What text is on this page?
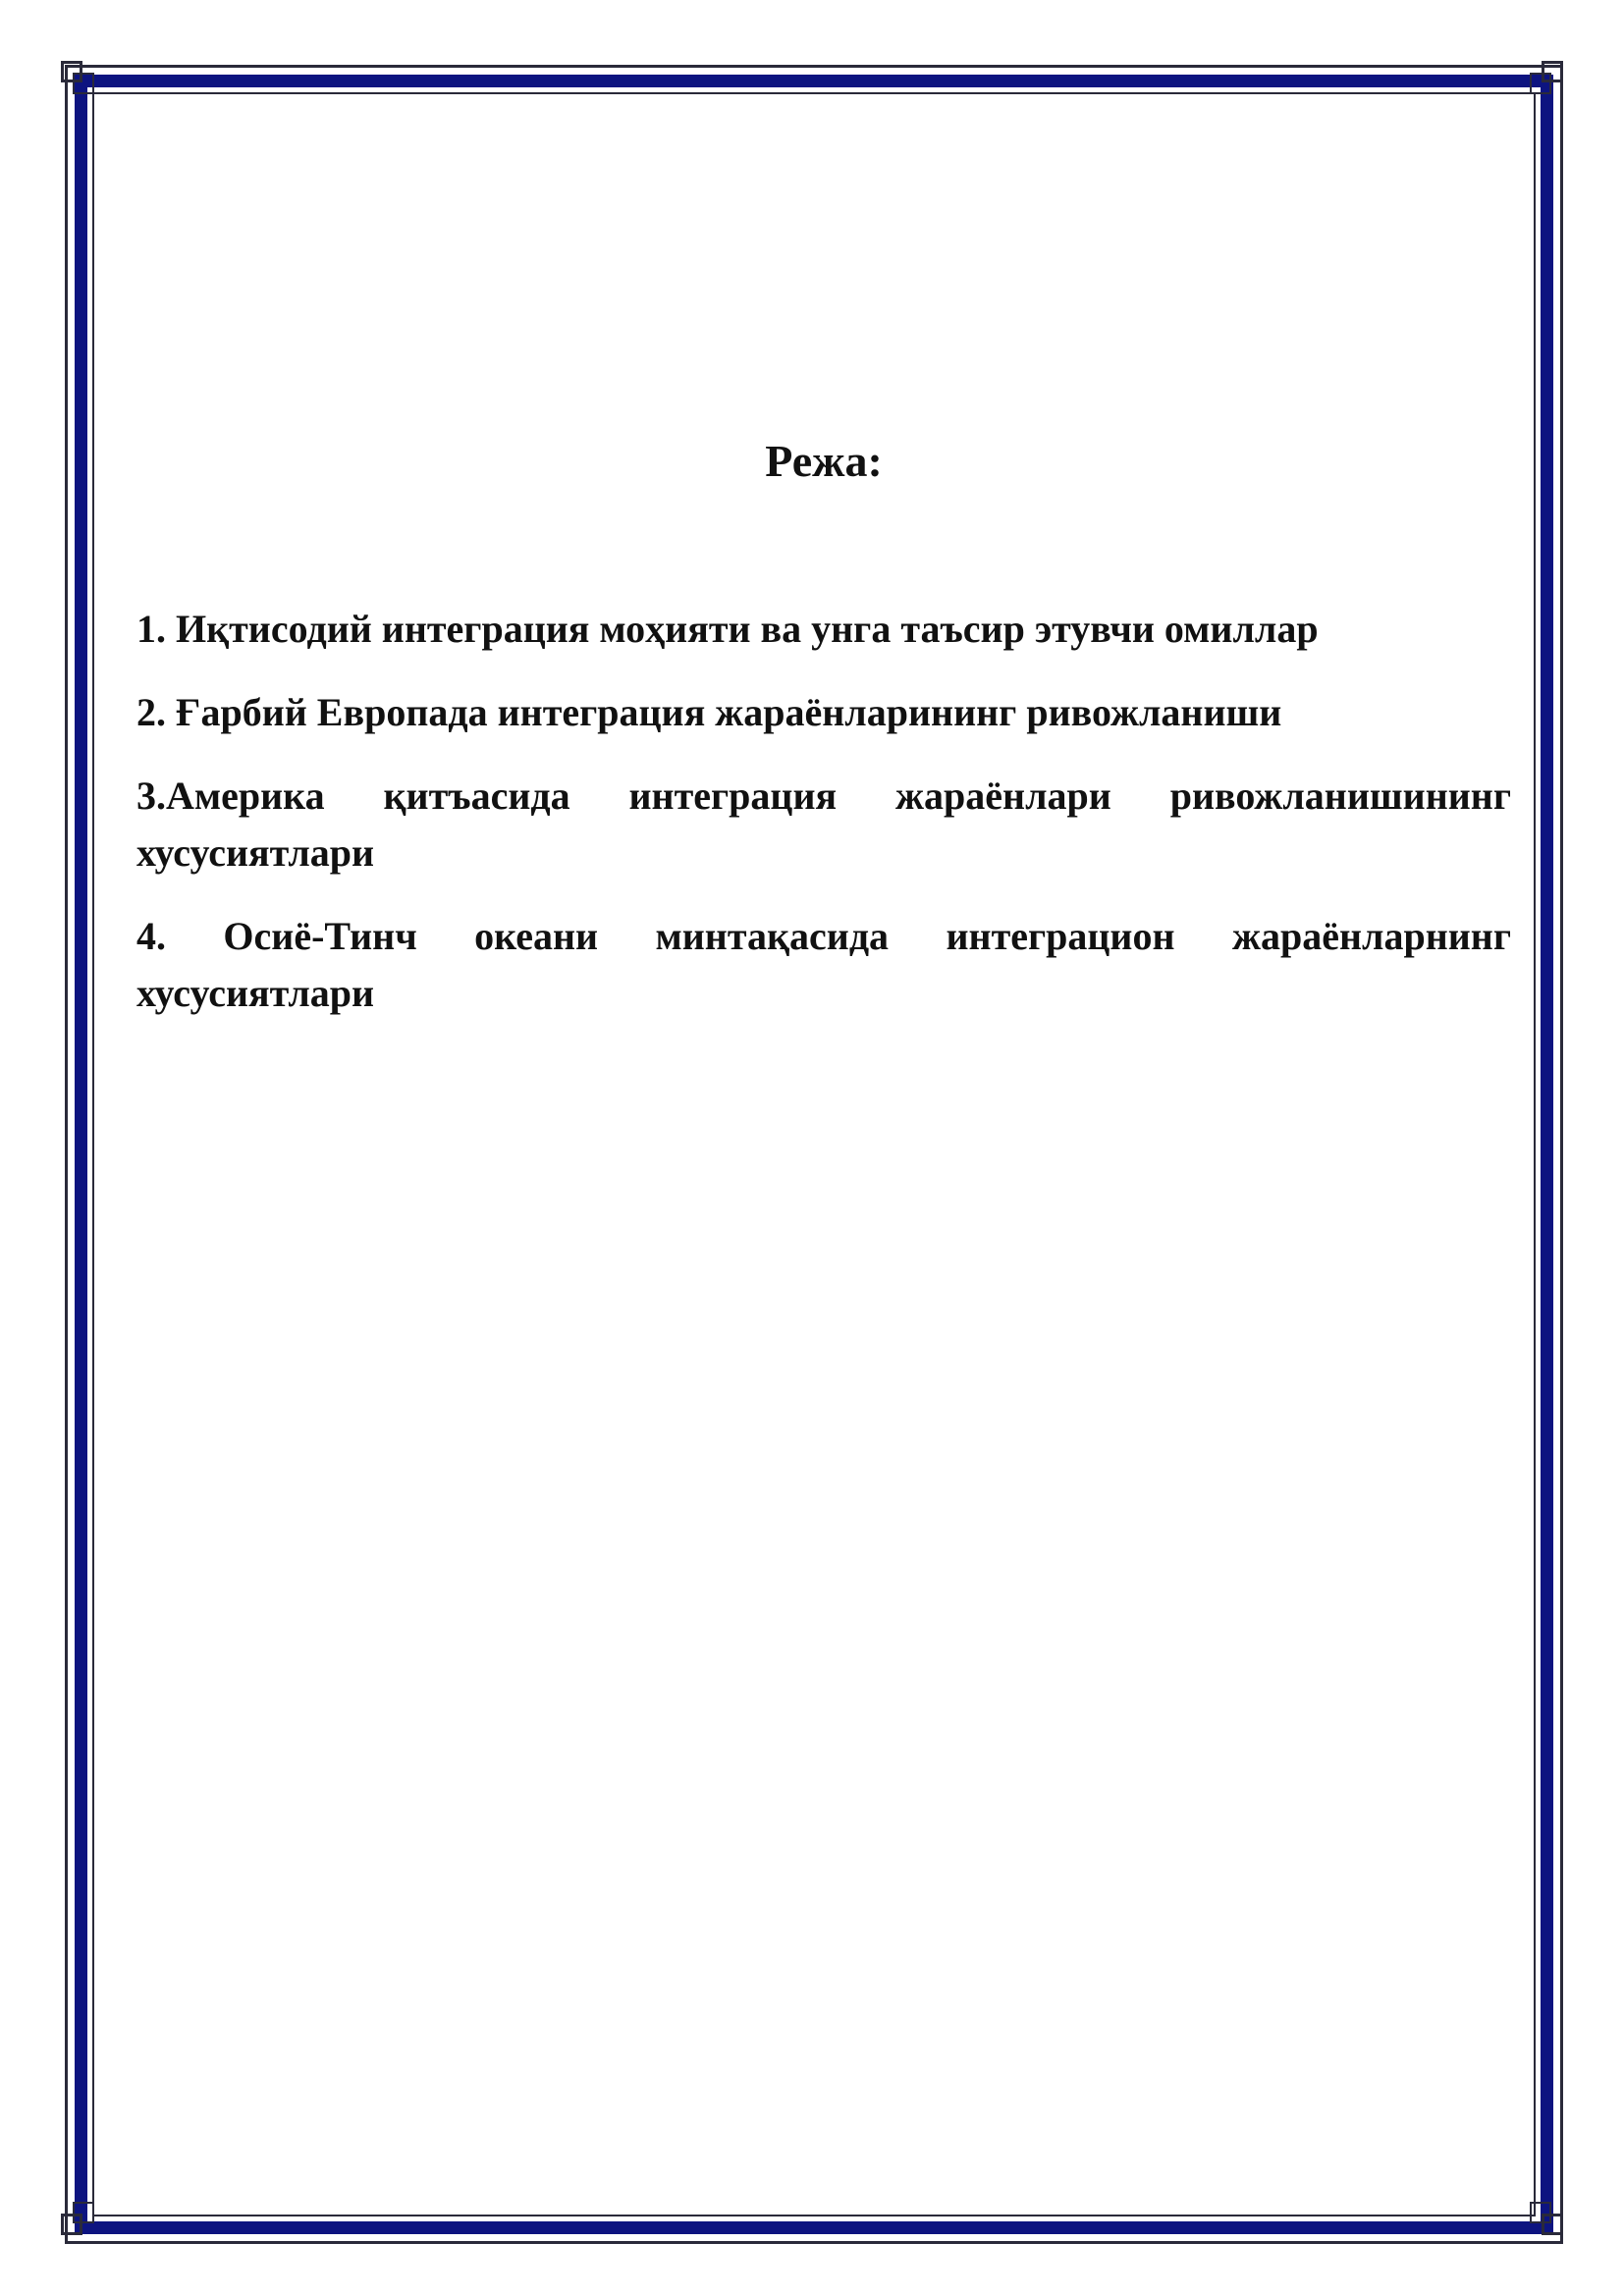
Режа:
1. Иқтисодий интеграция моҳияти ва унга таъсир этувчи омиллар
2. Ғарбий Европада интеграция жараёнларининг ривожланиши
3.Америка қитъасида интеграция жараёнлари ривожланишининг хусусиятлари
4. Осиё-Тинч океани минтақасида интеграцион жараёнларнинг хусусиятлари
